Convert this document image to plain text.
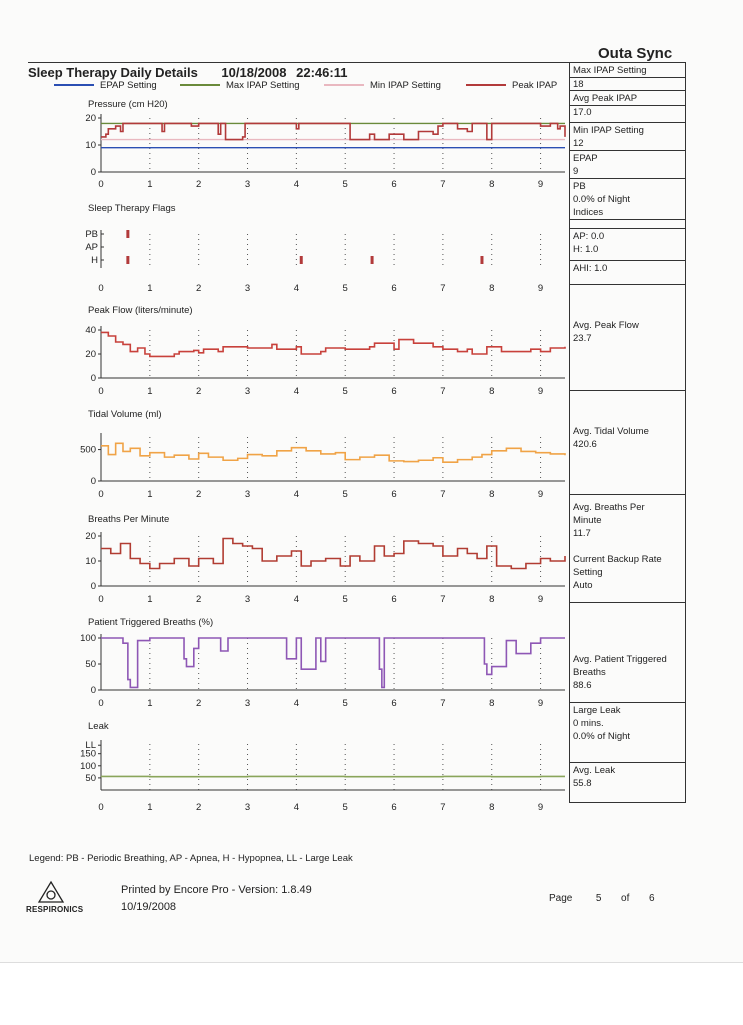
Outa Sync
Sleep Therapy Daily Details 10/18/2008 22:46:11
EPAP Setting	Max IPAP Setting	Min IPAP Setting	Peak IPAP
Pressure (cm H20)
0	1	2	3	4	5	6	7	8	9
0
10
20
Sleep Therapy Flags
0	1	2	3	4	5	6	7	8	9
PB
AP
H
Peak Flow (liters/minute)
0	1	2	3	4	5	6	7	8	9
0
20
40
Tidal Volume (ml)
0	1	2	3	4	5	6	7	8	9
0
500
Breaths Per Minute
0	1	2	3	4	5	6	7	8	9
0
10
20
Patient Triggered Breaths (%)
0	1	2	3	4	5	6	7	8	9
0
50
100
Leak
0	1	2	3	4	5	6	7	8	9
50
100
150
LL
Max IPAP Setting
18
Avg Peak IPAP
17.0
Min IPAP Setting
12
EPAP
9
PB
0.0% of Night
Indices
AP: 0.0
H: 1.0
AHI: 1.0
Avg. Peak Flow
23.7
Avg. Tidal Volume
420.6
Avg. Breaths Per
Minute
11.7

Current Backup Rate
Setting
Auto
Avg. Patient Triggered
Breaths
88.6
Large Leak
0 mins.
0.0% of Night
Avg. Leak
55.8
Legend: PB - Periodic Breathing, AP - Apnea, H - Hypopnea, LL - Large Leak
RESPIRONICS
Printed by Encore Pro - Version: 1.8.49
10/19/2008
Page 5 of 6
